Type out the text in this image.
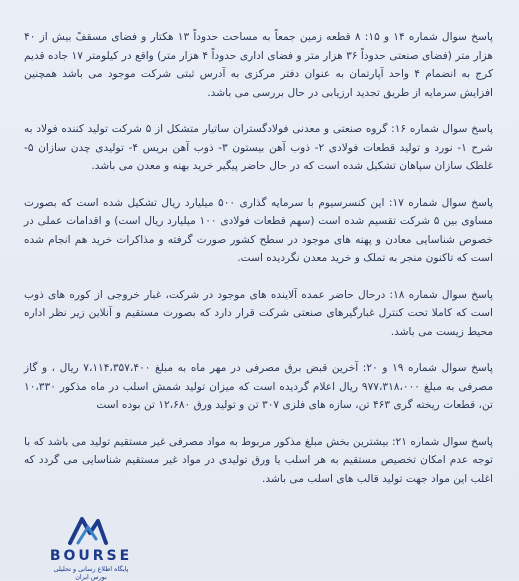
پاسخ سوال شماره ۱۴ و ۱۵: ۸ قطعه زمین جمعاً به مساحت حدوداً ۱۳ هکتار و فضای مسقفً بیش از ۴۰ هزار متر (فضای صنعتی حدوداً ۳۶ هزار متر و فضای اداری حدوداً ۴ هزار متر) واقع در کیلومتر ۱۷ جاده قدیم کرج به انضمام ۴ واحد آپارتمان به عنوان دفتر مرکزی به آدرس ثبتی شرکت موجود می باشد همچنین افزایش سرمایه از طریق تجدید ارزیابی در حال بررسی می باشد.

پاسخ سوال شماره ۱۶: گروه صنعتی و معدنی فولادگستران ساتیار متشکل از ۵ شرکت تولید کننده فولاد به شرح ۱- نورد و تولید قطعات فولادی ۲- ذوب آهن بیستون ۳- ذوب آهن بریس ۴- تولیدی چدن سازان ۵- غلطک سازان سپاهان تشکیل شده است که در حال حاضر پیگیر خرید بهنه و معدن می باشد.

پاسخ سوال شماره ۱۷: این کنسرسیوم با سرمایه گذاری ۵۰۰ میلیارد ریال تشکیل شده است که بصورت مساوی بین ۵ شرکت تقسیم شده است (سهم قطعات فولادی ۱۰۰ میلیارد ریال است) و اقدامات عملی در خصوص شناسایی معادن و پهنه های موجود در سطح کشور صورت گرفته و مذاکرات خرید هم انجام شده است که تاکنون منجر به تملک و خرید معدن نگردیده است.

پاسخ سوال شماره ۱۸: درحال حاضر عمده آلاینده های موجود در شرکت، غبار خروجی از کوره های ذوب است که کاملا تحت کنترل غبارگیرهای صنعتی شرکت قرار دارد که بصورت مستقیم و آنلاین زیر نظر اداره محیط زیست می باشد.

پاسخ سوال شماره ۱۹ و ۲۰: آخرین قبض برق مصرفی در مهر ماه به مبلغ ۷،۱۱۴،۳۵۷،۴۰۰ ریال ، و گاز مصرفی به مبلغ ۹۷۷،۳۱۸،۰۰۰ ریال اعلام گردیده است که میزان تولید شمش اسلب در ماه مذکور ۱۰،۳۳۰ تن، قطعات ریخته گری ۴۶۳ تن، سازه های فلزی ۳۰۷ تن و تولید ورق ۱۲،۶۸۰ تن بوده است

پاسخ سوال شماره ۲۱: بیشترین بخش مبلغ مذکور مربوط به مواد مصرفی غیر مستقیم تولید می باشد که با توجه عدم امکان تخصیص مستقیم به هر اسلب یا ورق تولیدی در مواد غیر مستقیم شناسایی می گردد که اغلب این مواد جهت تولید قالب های اسلب می باشد.

BOURSE
پایگاه اطلاع رسانی و تحلیلی بورس ایران
